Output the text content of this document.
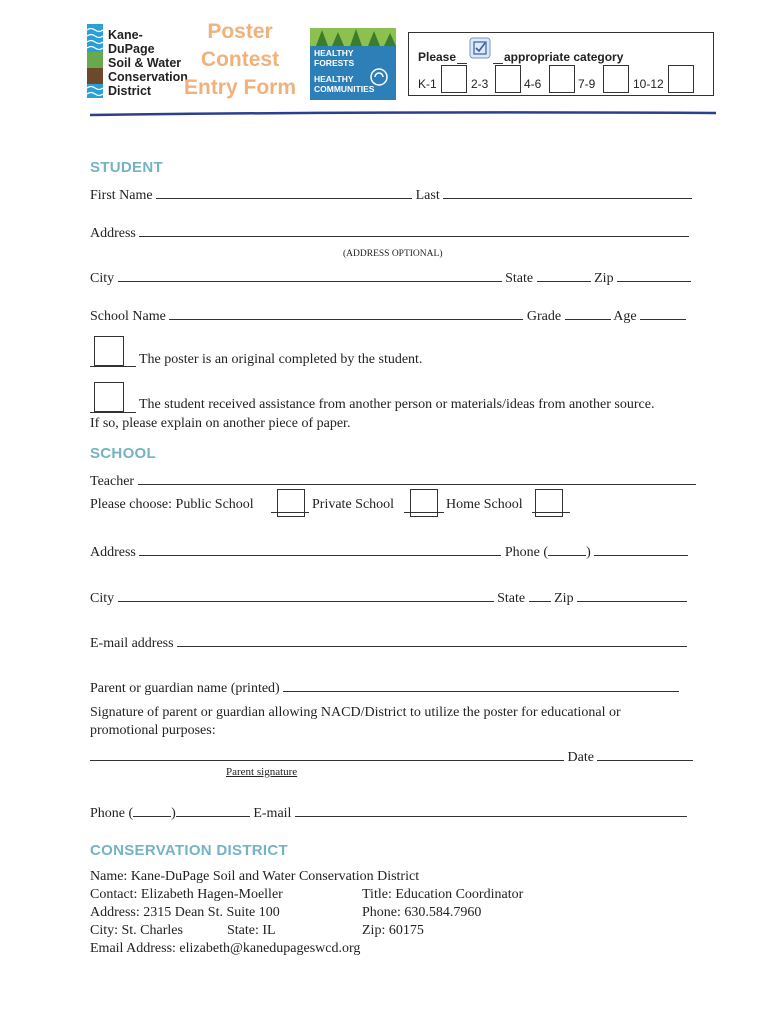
Kane-DuPage
Soil & Water
Conservation
District
Poster
Contest
Entry Form
HEALTHY
FORESTS
HEALTHY
COMMUNITIES
Please	appropriate category
K-1	2-3	4-6	7-9	10-12
STUDENT
First Name	Last
Address
(ADDRESS OPTIONAL)
City	State	Zip
School Name	Grade	Age
The poster is an original completed by the student.
The student received assistance from another person or materials/ideas from another source.
If so, please explain on another piece of paper.
SCHOOL
Teacher
Please choose: Public School	Private School	Home School
Address	Phone (	)
City	State Zip
E-mail address
Parent or guardian name (printed)
Signature of parent or guardian allowing NACD/District to utilize the poster for educational or
promotional purposes:
Date
Parent signature
Phone (	)	E-mail
CONSERVATION DISTRICT
Name: Kane-DuPage Soil and Water Conservation District
Contact: Elizabeth Hagen-Moeller	Title: Education Coordinator
Address: 2315 Dean St. Suite 100	Phone: 630.584.7960
City: St. Charles	State: IL	Zip: 60175
Email Address: elizabeth@kanedupageswcd.org
